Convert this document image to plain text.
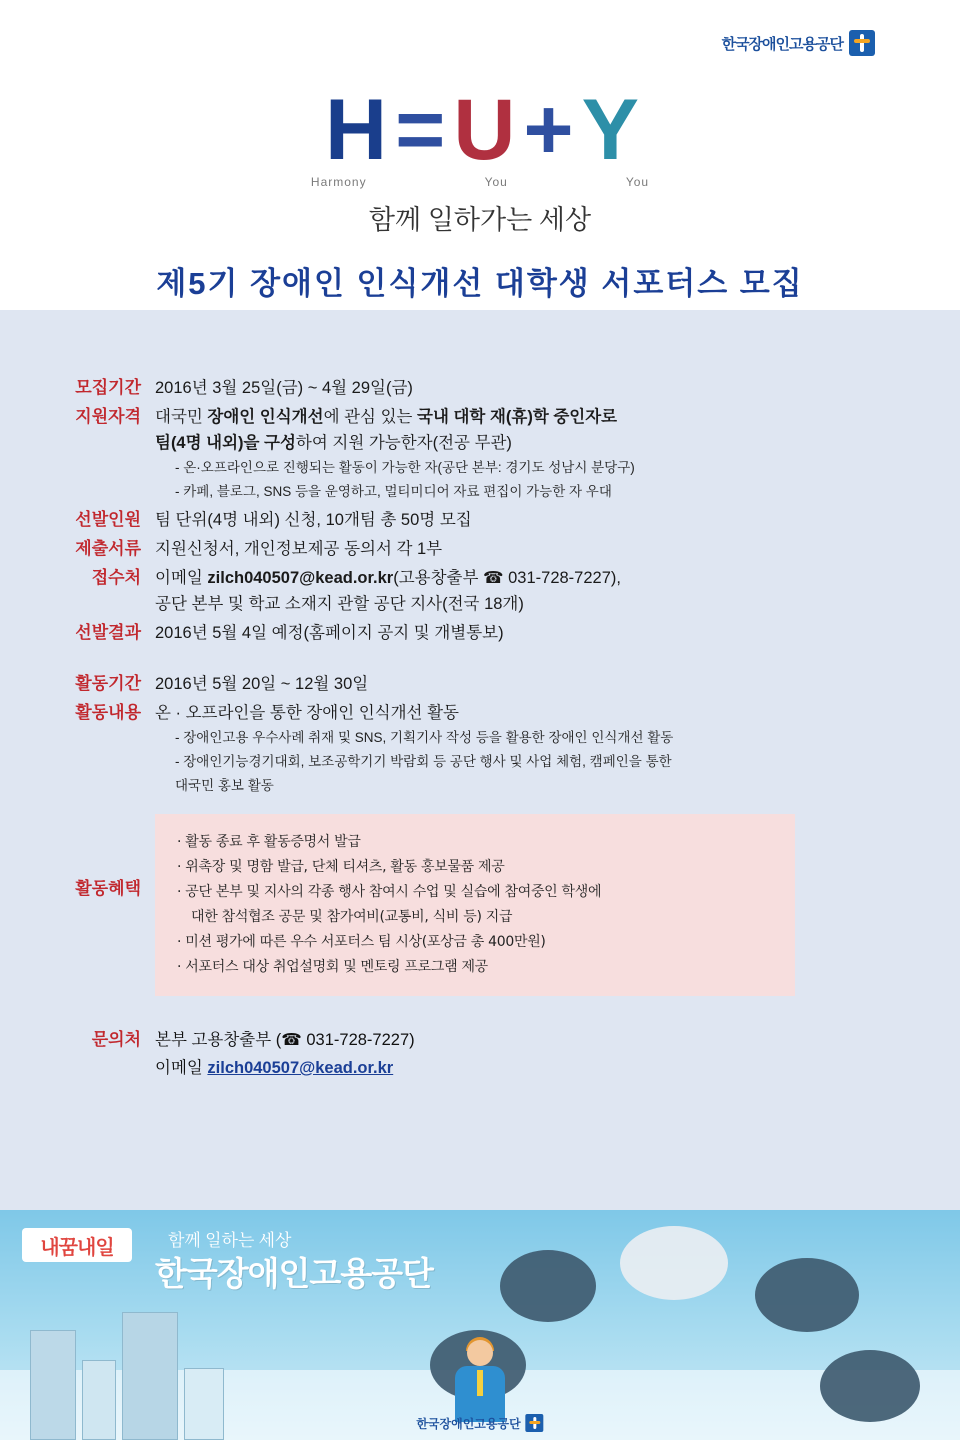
한국장애인고용공단
H = U + Y
Harmony	You	You
함께 일하가는 세상
제5기 장애인 인식개선 대학생 서포터스 모집
모집기간 2016년 3월 25일(금) ~ 4월 29일(금)
지원자격 대국민 장애인 인식개선에 관심 있는 국내 대학 재(휴)학 중인자로
팀(4명 내외)을 구성하여 지원 가능한자(전공 무관)
- 온·오프라인으로 진행되는 활동이 가능한 자(공단 본부: 경기도 성남시 분당구)
- 카페, 블로그, SNS 등을 운영하고, 멀티미디어 자료 편집이 가능한 자 우대
선발인원 팀 단위(4명 내외) 신청, 10개팀 총 50명 모집
제출서류 지원신청서, 개인정보제공 동의서 각 1부
접수처 이메일 zilch040507@kead.or.kr(고용창출부 ☎ 031-728-7227),
공단 본부 및 학교 소재지 관할 공단 지사(전국 18개)
선발결과 2016년 5월 4일 예정(홈페이지 공지 및 개별통보)
활동기간 2016년 5월 20일 ~ 12월 30일
활동내용 온 · 오프라인을 통한 장애인 인식개선 활동
- 장애인고용 우수사례 취재 및 SNS, 기획기사 작성 등을 활용한 장애인 인식개선 활동
- 장애인기능경기대회, 보조공학기기 박람회 등 공단 행사 및 사업 체험, 캠페인을 통한
대국민 홍보 활동
활동혜택
· 활동 종료 후 활동증명서 발급
· 위촉장 및 명함 발급, 단체 티셔츠, 활동 홍보물품 제공
· 공단 본부 및 지사의 각종 행사 참여시 수업 및 실습에 참여중인 학생에
대한 참석협조 공문 및 참가여비(교통비, 식비 등) 지급
· 미션 평가에 따른 우수 서포터스 팀 시상(포상금 총 400만원)
· 서포터스 대상 취업설명회 및 멘토링 프로그램 제공
문의처 본부 고용창출부 (☎ 031-728-7227)
이메일 zilch040507@kead.or.kr
내꿈내일	함께 일하는 세상
한국장애인고용공단
한국장애인고용공단
